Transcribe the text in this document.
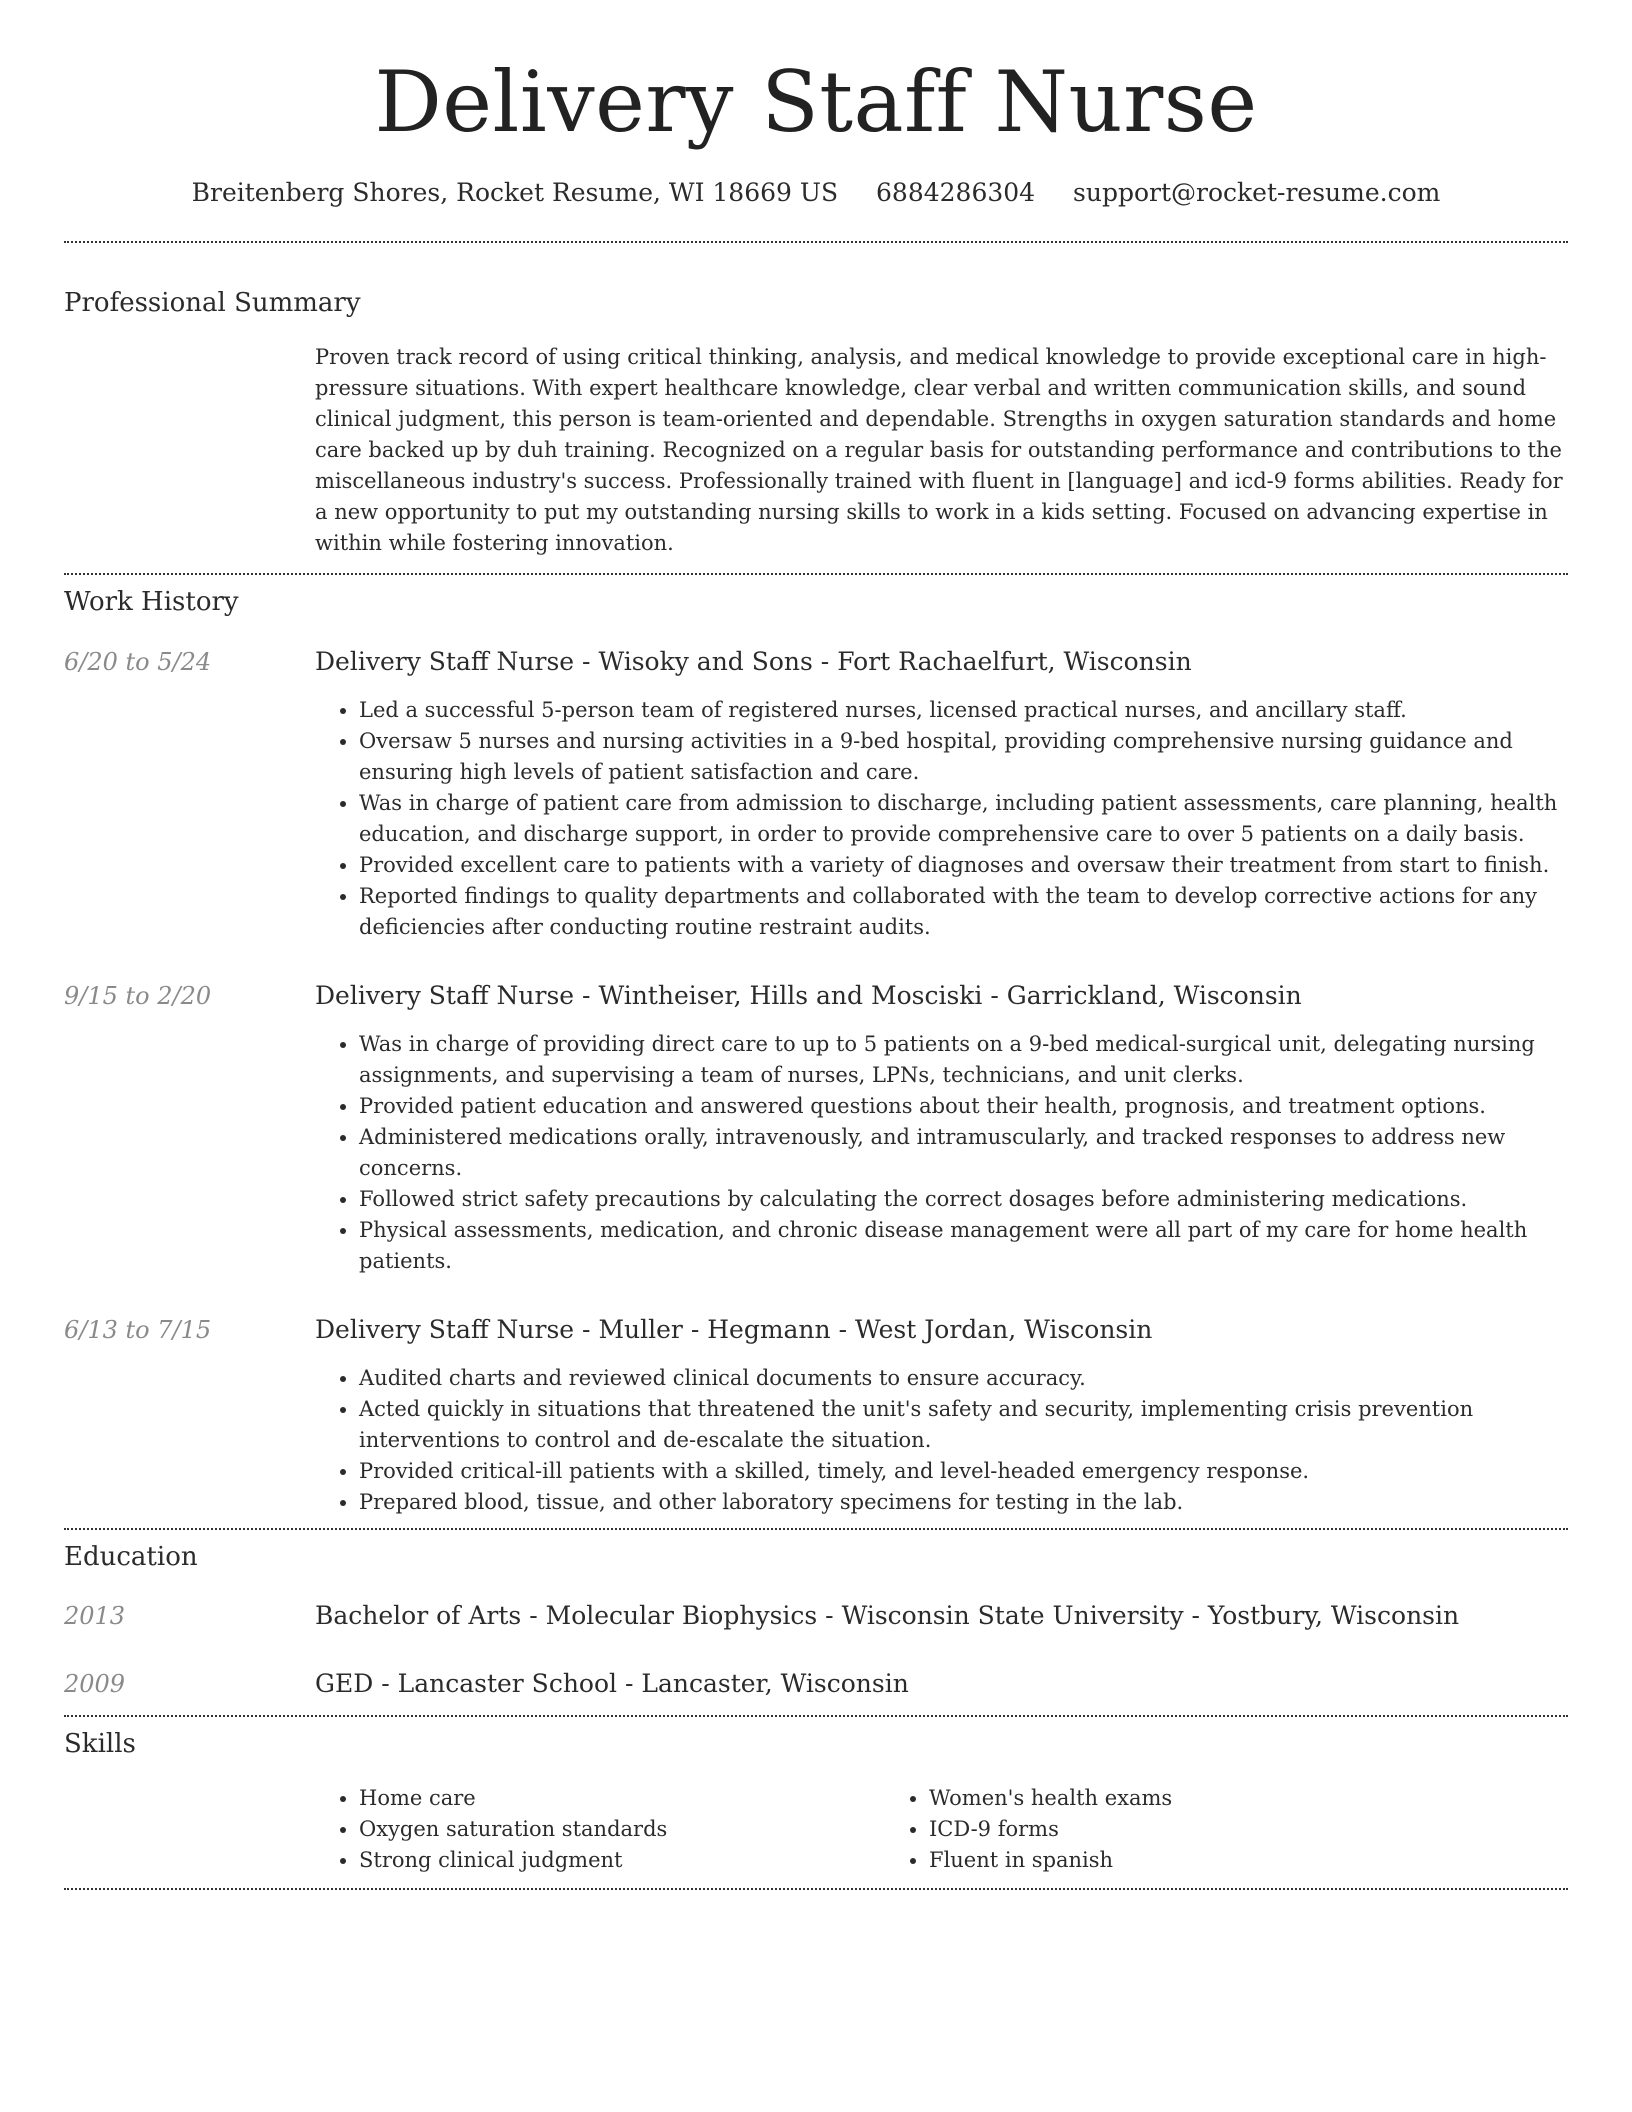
Delivery Staff Nurse
Breitenberg Shores, Rocket Resume, WI 18669 US 6884286304 support@rocket-resume.com
Professional Summary
Proven track record of using critical thinking, analysis, and medical knowledge to provide exceptional care in high-pressure situations. With expert healthcare knowledge, clear verbal and written communication skills, and sound clinical judgment, this person is team-oriented and dependable. Strengths in oxygen saturation standards and home care backed up by duh training. Recognized on a regular basis for outstanding performance and contributions to the miscellaneous industry's success. Professionally trained with fluent in [language] and icd-9 forms abilities. Ready for a new opportunity to put my outstanding nursing skills to work in a kids setting. Focused on advancing expertise in within while fostering innovation.
Work History
6/20 to 5/24	Delivery Staff Nurse - Wisoky and Sons - Fort Rachaelfurt, Wisconsin
• Led a successful 5-person team of registered nurses, licensed practical nurses, and ancillary staff.
• Oversaw 5 nurses and nursing activities in a 9-bed hospital, providing comprehensive nursing guidance and ensuring high levels of patient satisfaction and care.
• Was in charge of patient care from admission to discharge, including patient assessments, care planning, health education, and discharge support, in order to provide comprehensive care to over 5 patients on a daily basis.
• Provided excellent care to patients with a variety of diagnoses and oversaw their treatment from start to finish.
• Reported findings to quality departments and collaborated with the team to develop corrective actions for any deficiencies after conducting routine restraint audits.
9/15 to 2/20	Delivery Staff Nurse - Wintheiser, Hills and Mosciski - Garrickland, Wisconsin
• Was in charge of providing direct care to up to 5 patients on a 9-bed medical-surgical unit, delegating nursing assignments, and supervising a team of nurses, LPNs, technicians, and unit clerks.
• Provided patient education and answered questions about their health, prognosis, and treatment options.
• Administered medications orally, intravenously, and intramuscularly, and tracked responses to address new concerns.
• Followed strict safety precautions by calculating the correct dosages before administering medications.
• Physical assessments, medication, and chronic disease management were all part of my care for home health patients.
6/13 to 7/15	Delivery Staff Nurse - Muller - Hegmann - West Jordan, Wisconsin
• Audited charts and reviewed clinical documents to ensure accuracy.
• Acted quickly in situations that threatened the unit's safety and security, implementing crisis prevention interventions to control and de-escalate the situation.
• Provided critical-ill patients with a skilled, timely, and level-headed emergency response.
• Prepared blood, tissue, and other laboratory specimens for testing in the lab.
Education
2013	Bachelor of Arts - Molecular Biophysics - Wisconsin State University - Yostbury, Wisconsin
2009	GED - Lancaster School - Lancaster, Wisconsin
Skills
• Home care
• Oxygen saturation standards
• Strong clinical judgment
• Women's health exams
• ICD-9 forms
• Fluent in spanish
